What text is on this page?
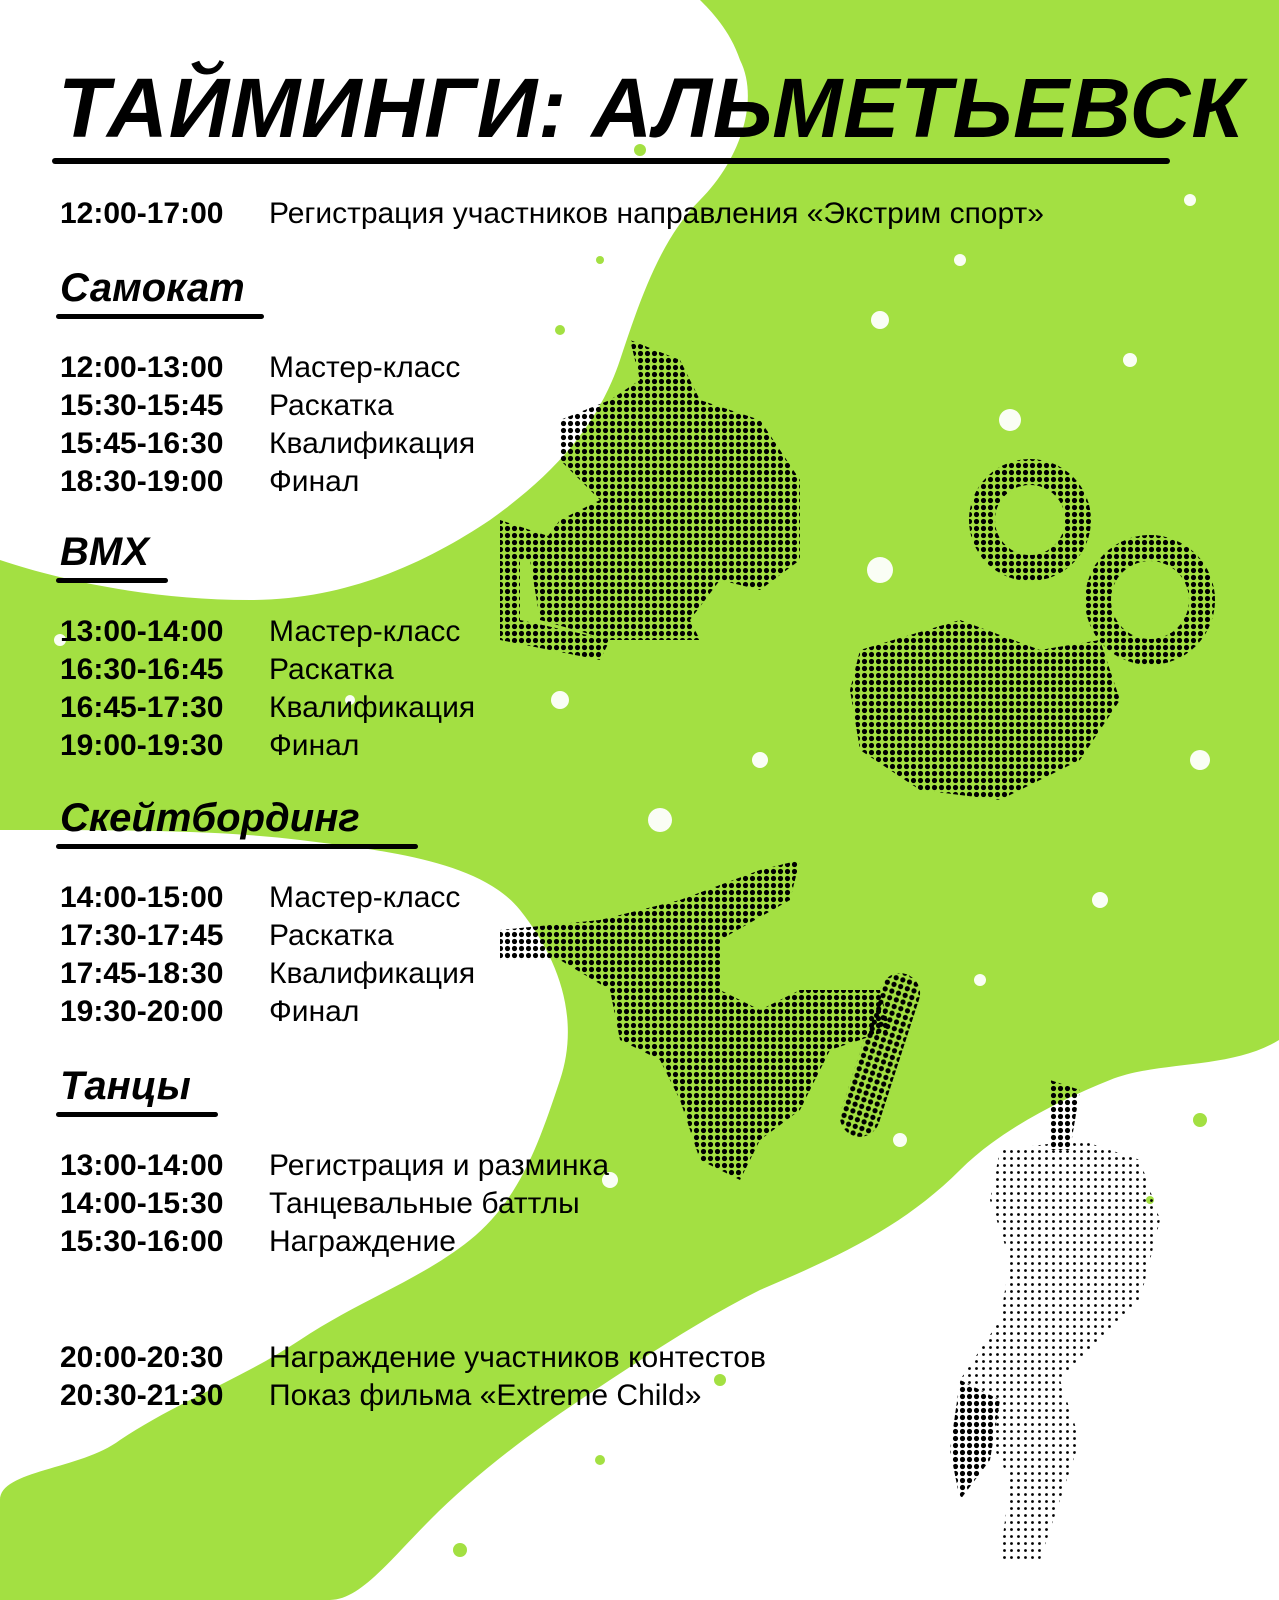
ТАЙМИНГИ: АЛЬМЕТЬЕВСК
12:00-17:00 Регистрация участников направления «Экстрим спорт»
Самокат
12:00-13:00 Мастер-класс
15:30-15:45 Раскатка
15:45-16:30 Квалификация
18:30-19:00 Финал
BMX
13:00-14:00 Мастер-класс
16:30-16:45 Раскатка
16:45-17:30 Квалификация
19:00-19:30 Финал
Скейтбординг
14:00-15:00 Мастер-класс
17:30-17:45 Раскатка
17:45-18:30 Квалификация
19:30-20:00 Финал
Танцы
13:00-14:00 Регистрация и разминка
14:00-15:30 Танцевальные баттлы
15:30-16:00 Награждение
20:00-20:30 Награждение участников контестов
20:30-21:30 Показ фильма «Extreme Child»
